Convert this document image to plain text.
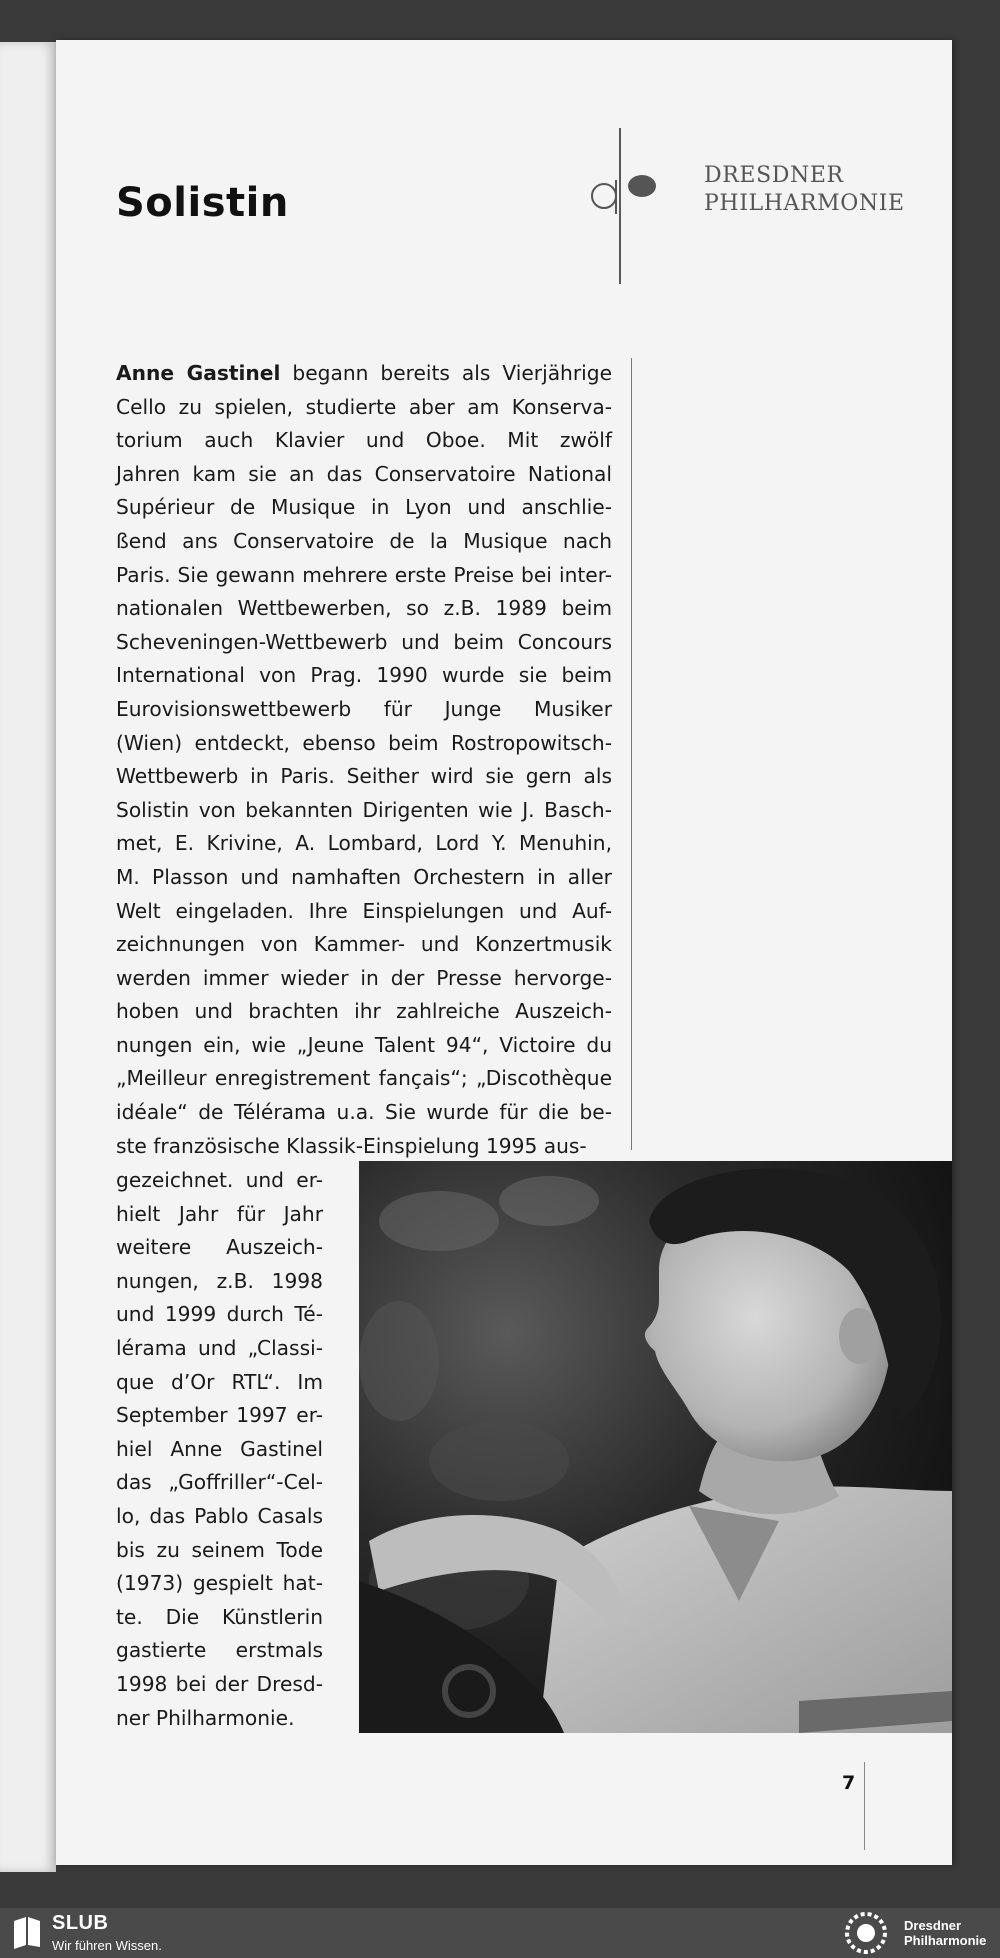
Solistin
DRESDNER
PHILHARMONIE
Anne Gastinel begann bereits als Vierjährige
Cello zu spielen, studierte aber am Konserva-
torium auch Klavier und Oboe. Mit zwölf
Jahren kam sie an das Conservatoire National
Supérieur de Musique in Lyon und anschlie-
ßend ans Conservatoire de la Musique nach
Paris. Sie gewann mehrere erste Preise bei inter-
nationalen Wettbewerben, so z.B. 1989 beim
Scheveningen-Wettbewerb und beim Concours
International von Prag. 1990 wurde sie beim
Eurovisionswettbewerb für Junge Musiker
(Wien) entdeckt, ebenso beim Rostropowitsch-
Wettbewerb in Paris. Seither wird sie gern als
Solistin von bekannten Dirigenten wie J. Basch-
met, E. Krivine, A. Lombard, Lord Y. Menuhin,
M. Plasson und namhaften Orchestern in aller
Welt eingeladen. Ihre Einspielungen und Auf-
zeichnungen von Kammer- und Konzertmusik
werden immer wieder in der Presse hervorge-
hoben und brachten ihr zahlreiche Auszeich-
nungen ein, wie „Jeune Talent 94“, Victoire du
„Meilleur enregistrement fançais“; „Discothèque
idéale“ de Télérama u.a. Sie wurde für die be-
ste französische Klassik-Einspielung 1995 aus-
gezeichnet. und er-
hielt Jahr für Jahr
weitere Auszeich-
nungen, z.B. 1998
und 1999 durch Té-
lérama und „Classi-
que d’Or RTL“. Im
September 1997 er-
hiel Anne Gastinel
das „Goffriller“-Cel-
lo, das Pablo Casals
bis zu seinem Tode
(1973) gespielt hat-
te. Die Künstlerin
gastierte erstmals
1998 bei der Dresd-
ner Philharmonie.
7
SLUB
Wir führen Wissen.
Dresdner
Philharmonie
